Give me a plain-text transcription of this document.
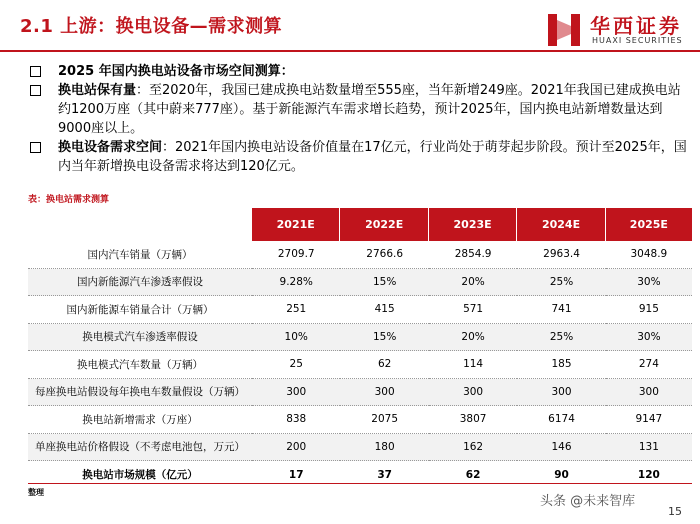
2.1 上游：换电设备—需求测算	华西证券
HUAXI SECURITIES
2025 年国内换电站设备市场空间测算：
换电站保有量：至2020年，我国已建成换电站数量增至555座，当年新增249座。2021年我国已建成换电站约1200万座（其中蔚来777座）。基于新能源汽车需求增长趋势，预计2025年，国内换电站新增数量达到9000座以上。
换电设备需求空间：2021年国内换电站设备价值量在17亿元，行业尚处于萌芽起步阶段。预计至2025年，国内当年新增换电设备需求将达到120亿元。
表：换电站需求测算
	2021E	2022E	2023E	2024E	2025E
国内汽车销量（万辆）	2709.7	2766.6	2854.9	2963.4	3048.9
国内新能源汽车渗透率假设	9.28%	15%	20%	25%	30%
国内新能源车销量合计（万辆）	251	415	571	741	915
换电模式汽车渗透率假设	10%	15%	20%	25%	30%
换电模式汽车数量（万辆）	25	62	114	185	274
每座换电站假设每年换电车数量假设（万辆）	300	300	300	300	300
换电站新增需求（万座）	838	2075	3807	6174	9147
单座换电站价格假设（不考虑电池包，万元）	200	180	162	146	131
换电站市场规模（亿元）	17	37	62	90	120
整理
头条 @未来智库
15
